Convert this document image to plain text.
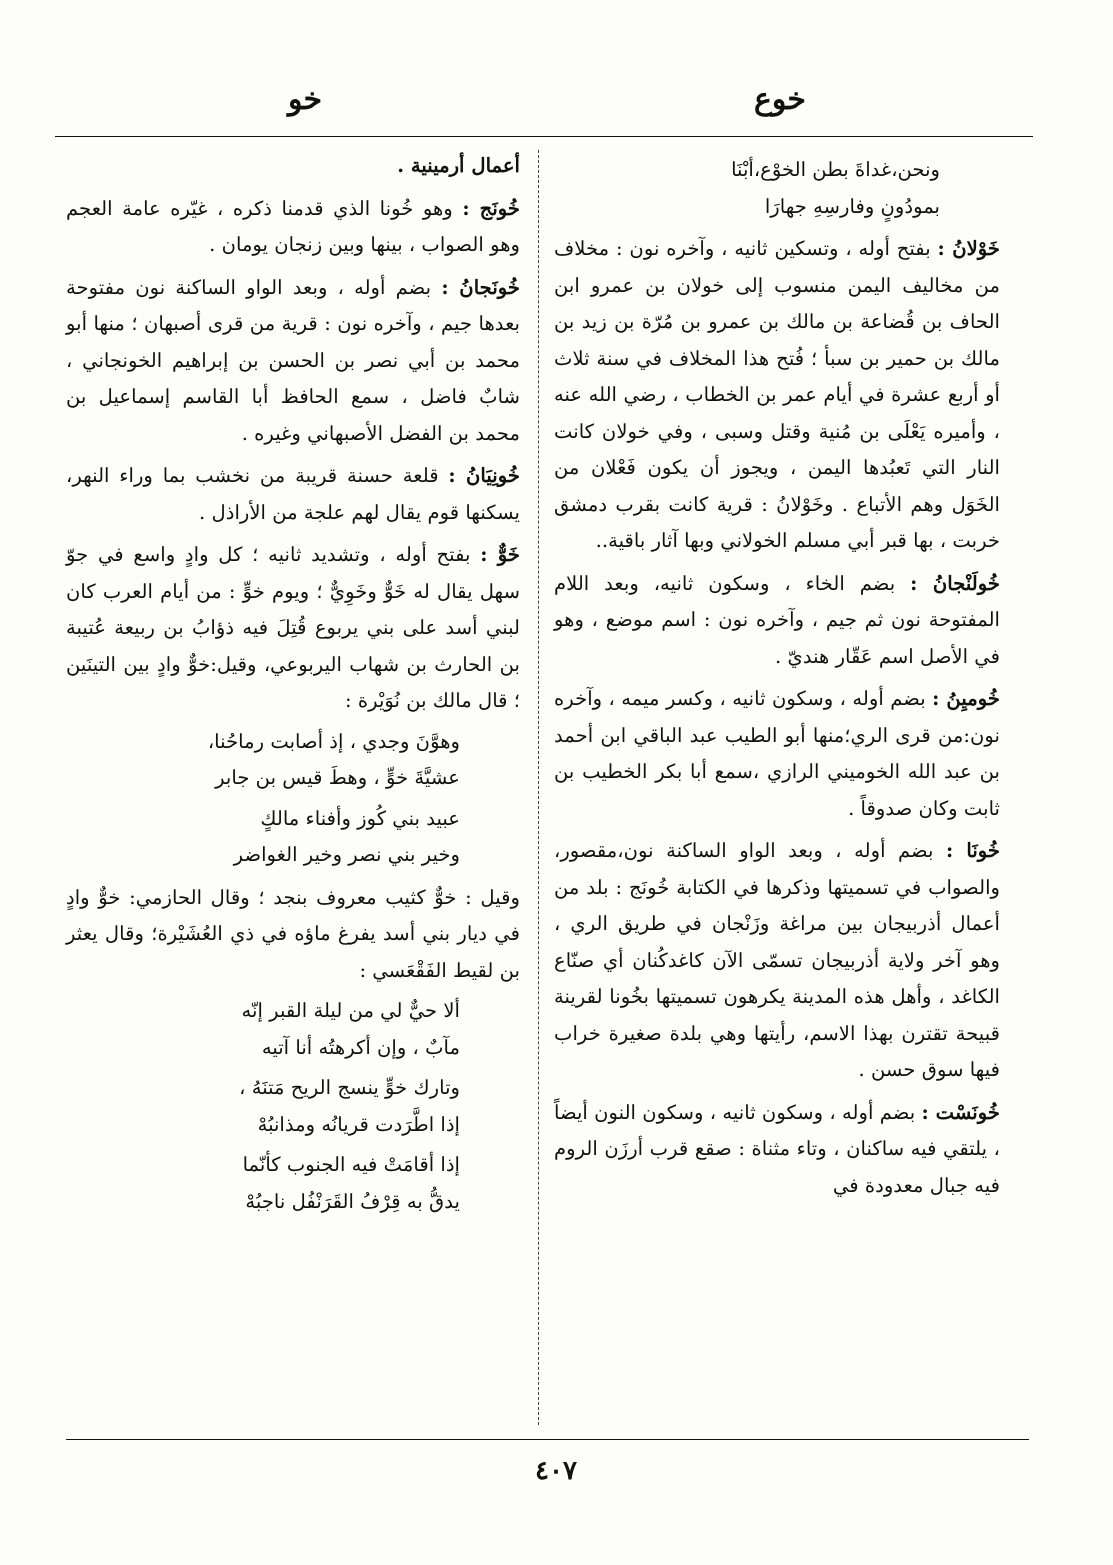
خوع
خو

ونحن،غداةَ بطن الخوْع،أبْنَا

بمودُونٍ وفارسِهِ جهارَا

خَوْلانُ : بفتح أوله ، وتسكين ثانيه ، وآخره نون : مخلاف من مخاليف اليمن منسوب إلى خولان بن عمرو ابن الحاف بن قُضاعة بن مالك بن عمرو بن مُرّة بن زيد بن مالك بن حمير بن سبأ ؛ فُتح هذا المخلاف في سنة ثلاث أو أربع عشرة في أيام عمر بن الخطاب ، رضي الله عنه ، وأميره يَعْلَى بن مُنية وقتل وسبى ، وفي خولان كانت النار التي تَعبُدها اليمن ، ويجوز أن يكون فَعْلان من الخَوَل وهم الأتباع . وخَوْلانُ : قرية كانت بقرب دمشق خربت ، بها قبر أبي مسلم الخولاني وبها آثار باقية..

خُولَنْجانُ : بضم الخاء ، وسكون ثانيه، وبعد اللام المفتوحة نون ثم جيم ، وآخره نون : اسم موضع ، وهو في الأصل اسم عَقّار هنديّ .

خُوميِنُ : بضم أوله ، وسكون ثانيه ، وكسر ميمه ، وآخره نون:من قرى الري؛منها أبو الطيب عبد الباقي ابن أحمد بن عبد الله الخوميني الرازي ،سمع أبا بكر الخطيب بن ثابت وكان صدوقاً .

خُونَا : بضم أوله ، وبعد الواو الساكنة نون،مقصور، والصواب في تسميتها وذكرها في الكتابة خُونَج : بلد من أعمال أذربيجان بين مراغة وزَنْجان في طريق الري ، وهو آخر ولاية أذربيجان تسمّى الآن كاغدكُنان أي صنّاع الكاغد ، وأهل هذه المدينة يكرهون تسميتها بخُونا لقرينة قبيحة تقترن بهذا الاسم، رأيتها وهي بلدة صغيرة خراب فيها سوق حسن .

خُونَسْت : بضم أوله ، وسكون ثانيه ، وسكون النون أيضاً ، يلتقي فيه ساكنان ، وتاء مثناة : صقع قرب أرزَن الروم فيه جبال معدودة في

أعمال أرمينية .

خُونَج : وهو خُونا الذي قدمنا ذكره ، غيّره عامة العجم وهو الصواب ، بينها وبين زنجان يومان .

خُونَجانُ : بضم أوله ، وبعد الواو الساكنة نون مفتوحة بعدها جيم ، وآخره نون : قرية من قرى أصبهان ؛ منها أبو محمد بن أبي نصر بن الحسن بن إبراهيم الخونجاني ، شابٌ فاضل ، سمع الحافظ أبا القاسم إسماعيل بن محمد بن الفضل الأصبهاني وغيره .

خُونِيَانُ : قلعة حسنة قريبة من نخشب بما وراء النهر، يسكنها قوم يقال لهم علجة من الأراذل .

خَوٌّ : بفتح أوله ، وتشديد ثانيه ؛ كل وادٍ واسع في جوّ سهل يقال له خَوٌّ وخَوِيٌّ ؛ ويوم خوٍّ : من أيام العرب كان لبني أسد على بني يربوع قُتِلَ فيه ذؤابُ بن ربيعة عُتيبة بن الحارث بن شهاب اليربوعي، وقيل:خوٌّ وادٍ بين التينَين ؛ قال مالك بن نُوَيْرة :

وهوَّنَ وجدي ، إذ أصابت رماحُنا،

عشيَّةَ خوٍّ ، وهطَ قيس بن جابر

عبيد بني كُوز وأفناء مالكٍ

وخير بني نصر وخير الغواضر

وقيل : خوٌّ كثيب معروف بنجد ؛ وقال الحازمي: خوٌّ وادٍ في ديار بني أسد يفرغ ماؤه في ذي العُشَيْرة؛ وقال يعثر بن لقيط الفَقْعَسي :

ألا حيٌّ لي من ليلة القبر إنّه

مآبٌ ، وإن أكرهتُه أنا آتيه

وتارك خوٍّ ينسج الريح مَتنَهُ ،

إذا اطَّرَدت قريانُه ومذانبُهْ

إذا أقامَتْ فيه الجنوب كأنّما

يدقُّ به قِرْفُ القَرَنْفُل ناجبُهْ

٤٠٧
